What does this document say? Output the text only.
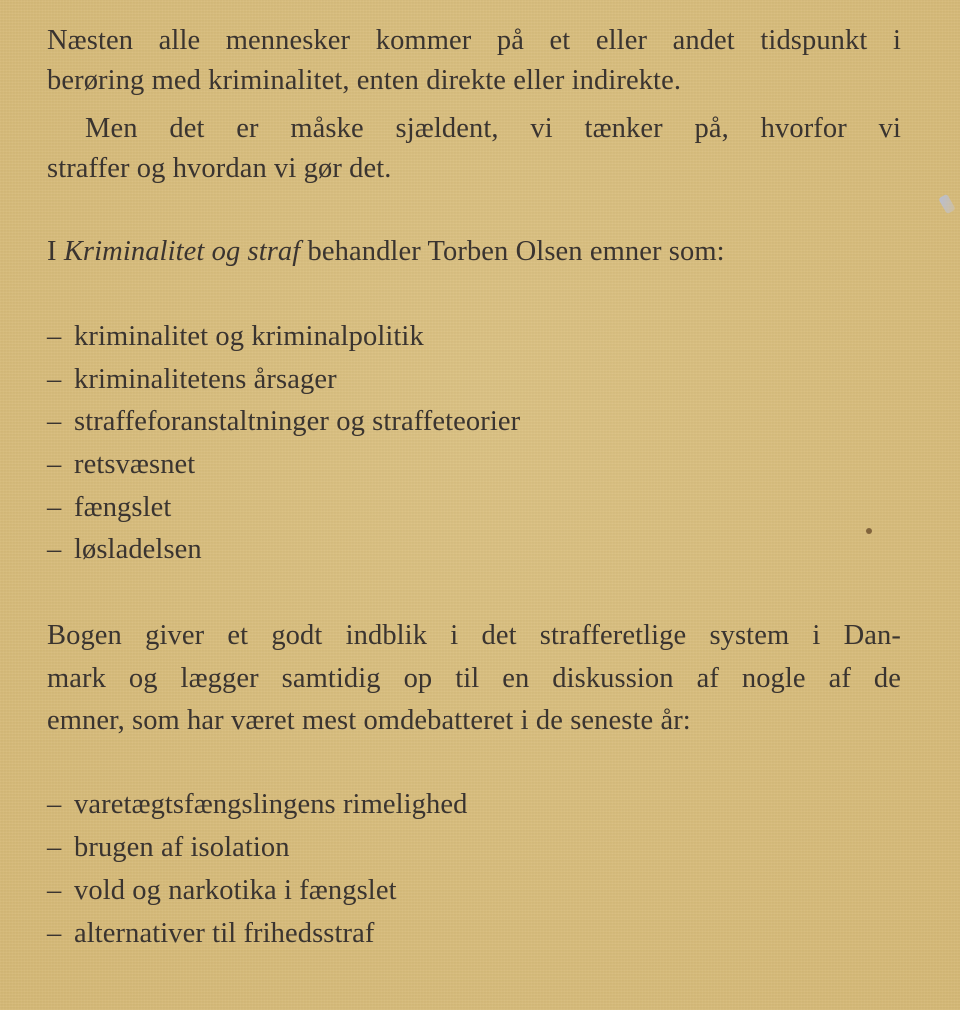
Næsten alle mennesker kommer på et eller andet tidspunkt i
berøring med kriminalitet, enten direkte eller indirekte.
Men det er måske sjældent, vi tænker på, hvorfor vi
straffer og hvordan vi gør det.
I Kriminalitet og straf behandler Torben Olsen emner som:
– kriminalitet og kriminalpolitik
– kriminalitetens årsager
– straffeforanstaltninger og straffeteorier
– retsvæsnet
– fængslet
– løsladelsen
Bogen giver et godt indblik i det strafferetlige system i Dan-
mark og lægger samtidig op til en diskussion af nogle af de
emner, som har været mest omdebatteret i de seneste år:
– varetægtsfængslingens rimelighed
– brugen af isolation
– vold og narkotika i fængslet
– alternativer til frihedsstraf
